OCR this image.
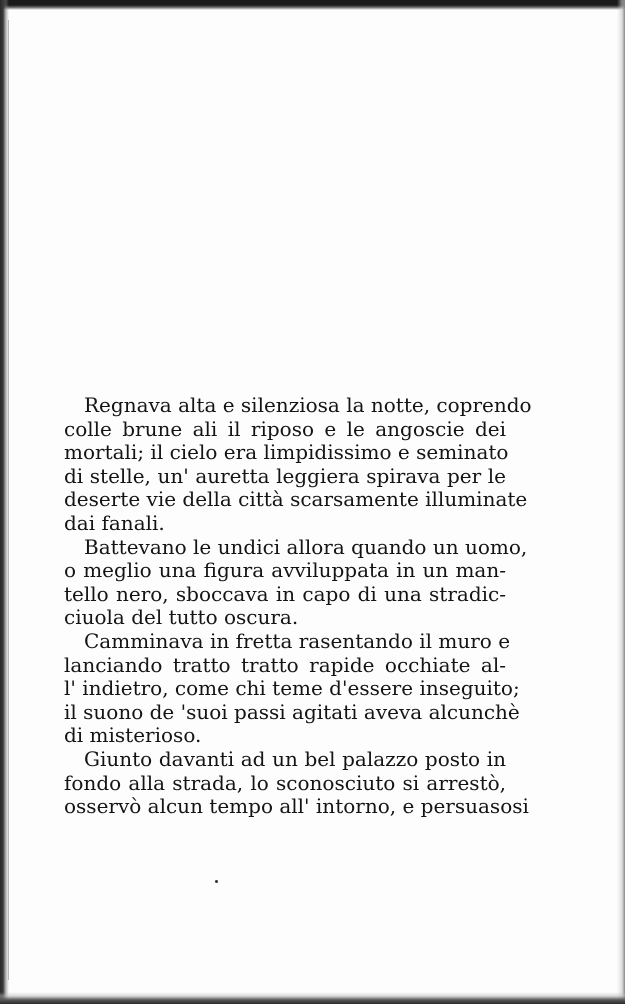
Regnava alta e silenziosa la notte, coprendo
colle brune ali il riposo e le angoscie dei
mortali; il cielo era limpidissimo e seminato
di stelle, un' auretta leggiera spirava per le
deserte vie della città scarsamente illuminate
dai fanali.
Battevano le undici allora quando un uomo,
o meglio una figura avviluppata in un man-
tello nero, sboccava in capo di una stradic-
ciuola del tutto oscura.
Camminava in fretta rasentando il muro e
lanciando tratto tratto rapide occhiate al-
l' indietro, come chi teme d'essere inseguito;
il suono de 'suoi passi agitati aveva alcunchè
di misterioso.
Giunto davanti ad un bel palazzo posto in
fondo alla strada, lo sconosciuto si arrestò,
osservò alcun tempo all' intorno, e persuasosi
